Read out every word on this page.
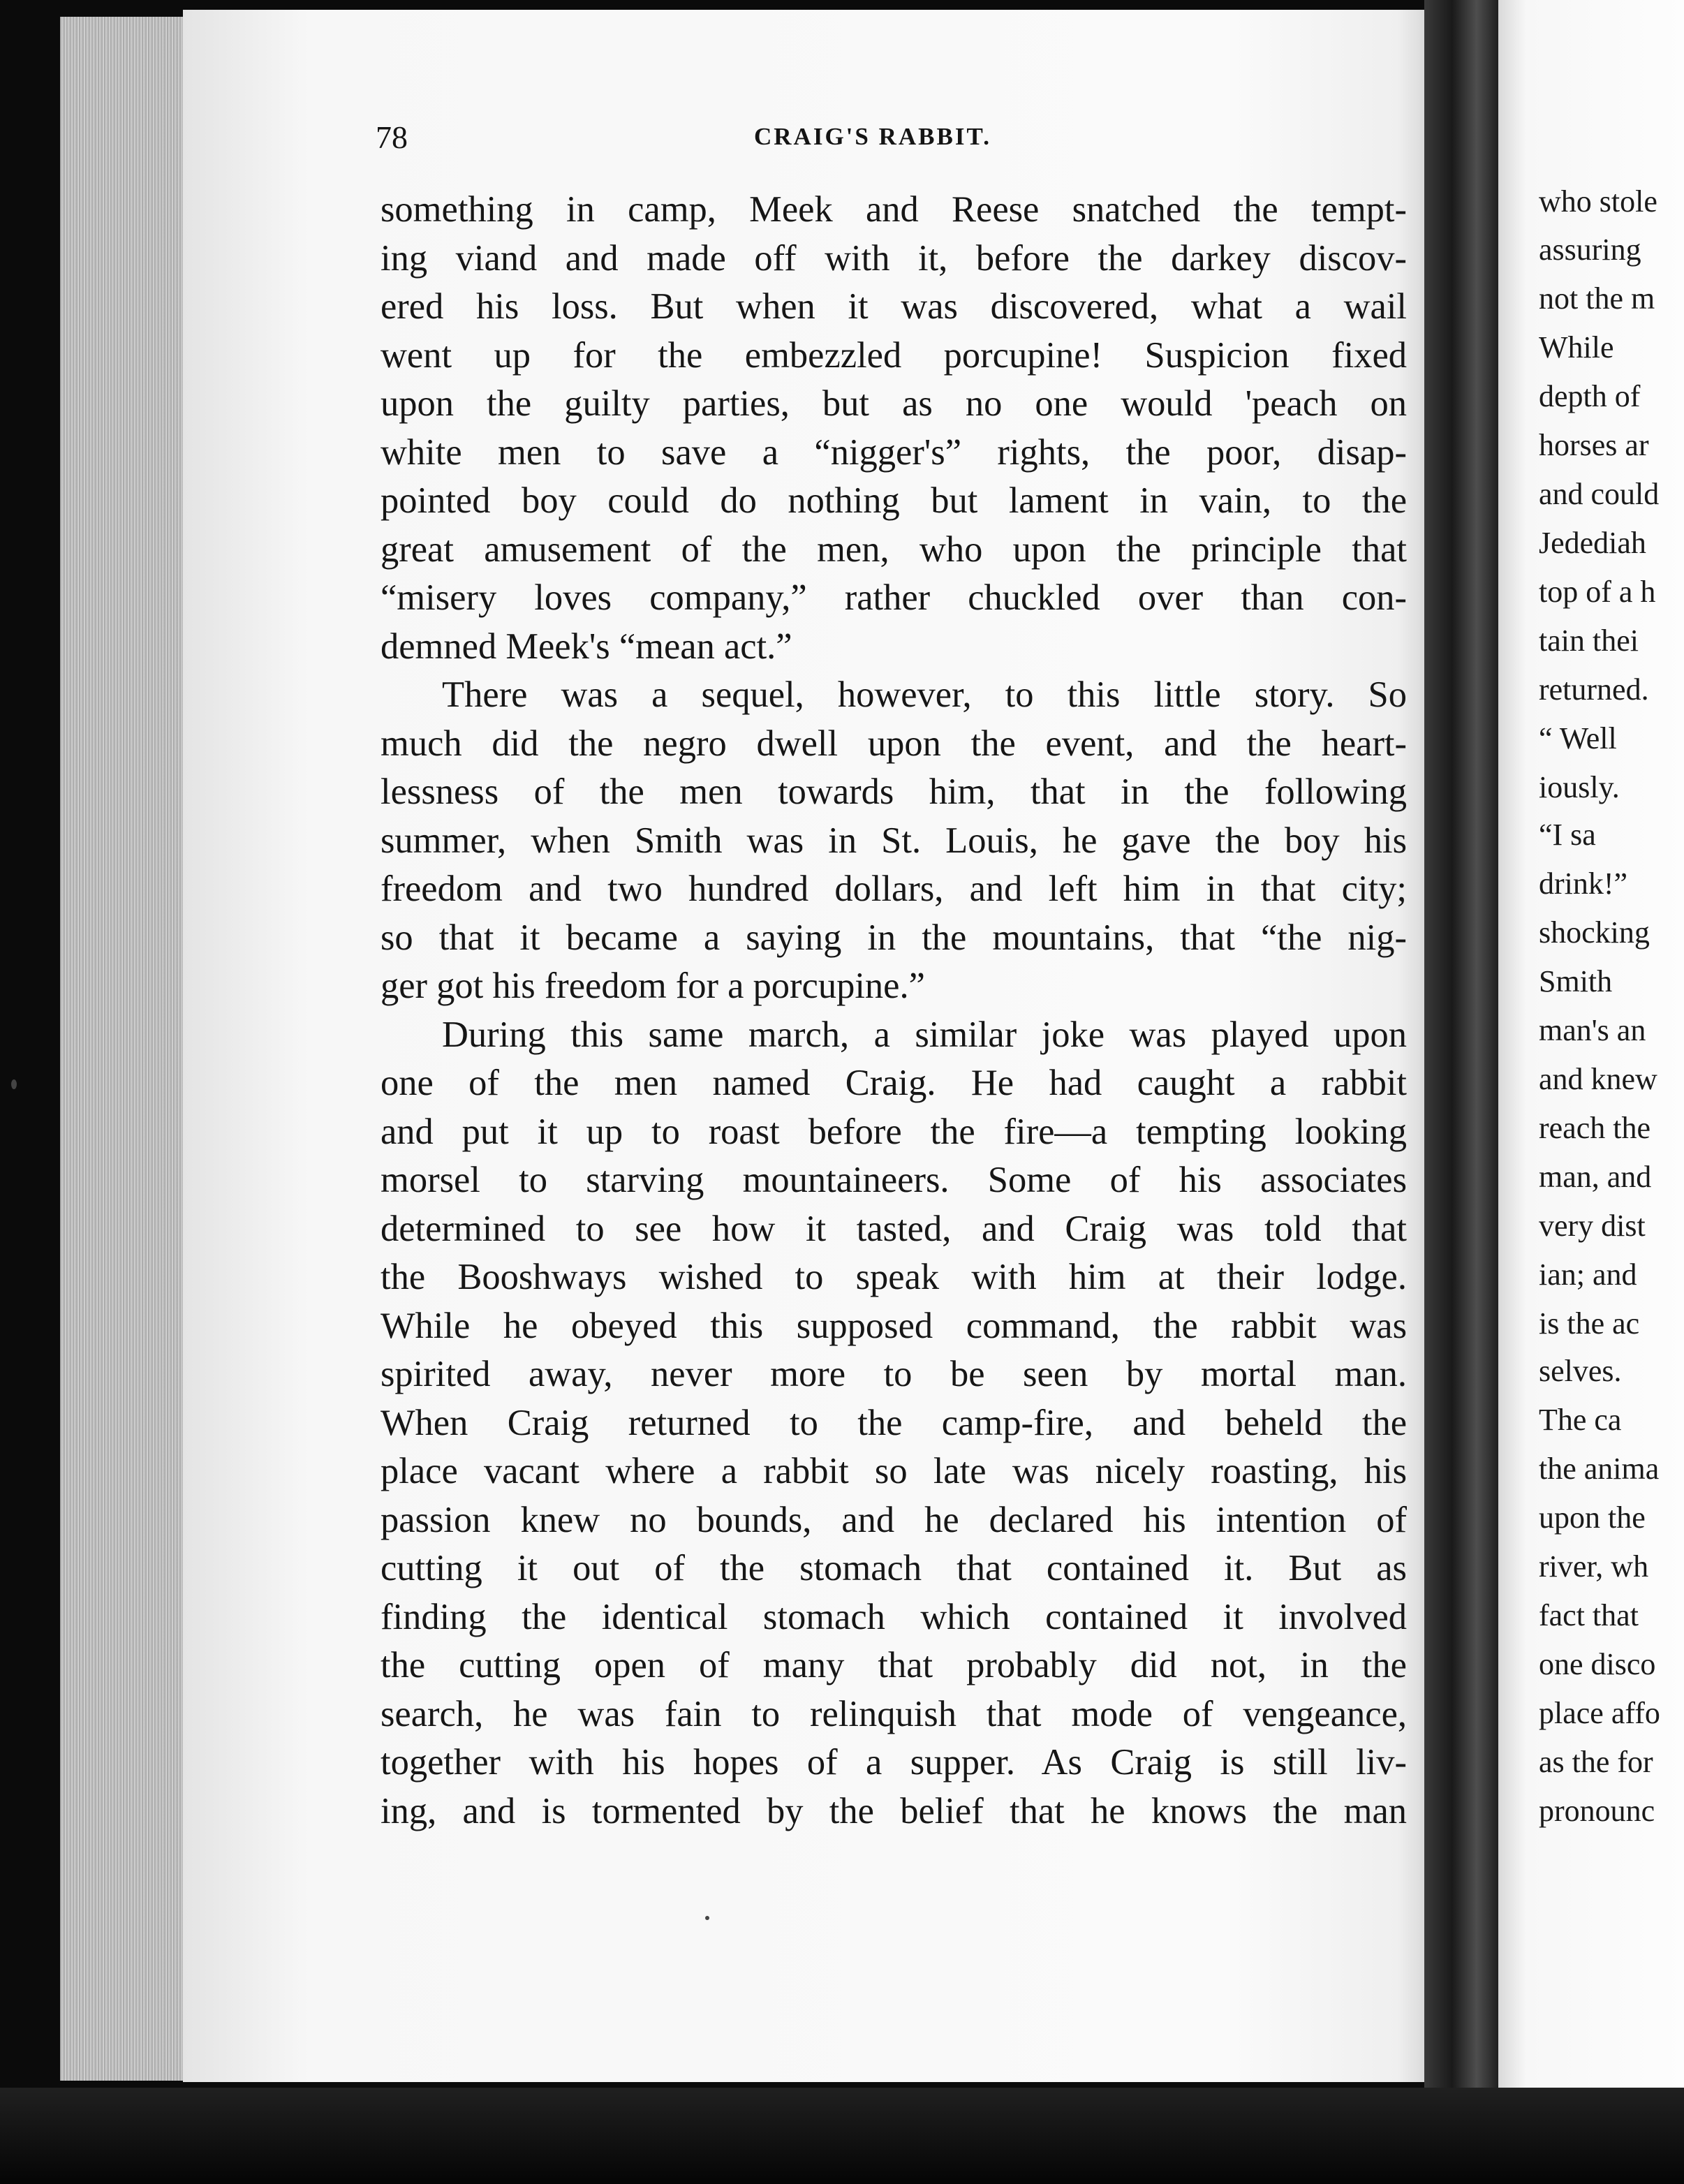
who stole
assuring
not the m
While
depth of
horses ar
and could
Jedediah
top of a h
tain thei
returned.
“ Well
iously.
“I sa
drink!”
shocking
Smith
man's an
and knew
reach the
man, and
very dist
ian; and
is the ac
selves.
The ca
the anima
upon the
river, wh
fact that
one disco
place affo
as the for
pronounc
78	CRAIG'S RABBIT.
something in camp, Meek and Reese snatched the tempt-
ing viand and made off with it, before the darkey discov-
ered his loss. But when it was discovered, what a wail
went up for the embezzled porcupine! Suspicion fixed
upon the guilty parties, but as no one would 'peach on
white men to save a “nigger's” rights, the poor, disap-
pointed boy could do nothing but lament in vain, to the
great amusement of the men, who upon the principle that
“misery loves company,” rather chuckled over than con-
demned Meek's “mean act.”
There was a sequel, however, to this little story. So
much did the negro dwell upon the event, and the heart-
lessness of the men towards him, that in the following
summer, when Smith was in St. Louis, he gave the boy his
freedom and two hundred dollars, and left him in that city;
so that it became a saying in the mountains, that “the nig-
ger got his freedom for a porcupine.”
During this same march, a similar joke was played upon
one of the men named Craig. He had caught a rabbit
and put it up to roast before the fire—a tempting looking
morsel to starving mountaineers. Some of his associates
determined to see how it tasted, and Craig was told that
the Booshways wished to speak with him at their lodge.
While he obeyed this supposed command, the rabbit was
spirited away, never more to be seen by mortal man.
When Craig returned to the camp-fire, and beheld the
place vacant where a rabbit so late was nicely roasting, his
passion knew no bounds, and he declared his intention of
cutting it out of the stomach that contained it. But as
finding the identical stomach which contained it involved
the cutting open of many that probably did not, in the
search, he was fain to relinquish that mode of vengeance,
together with his hopes of a supper. As Craig is still liv-
ing, and is tormented by the belief that he knows the man
